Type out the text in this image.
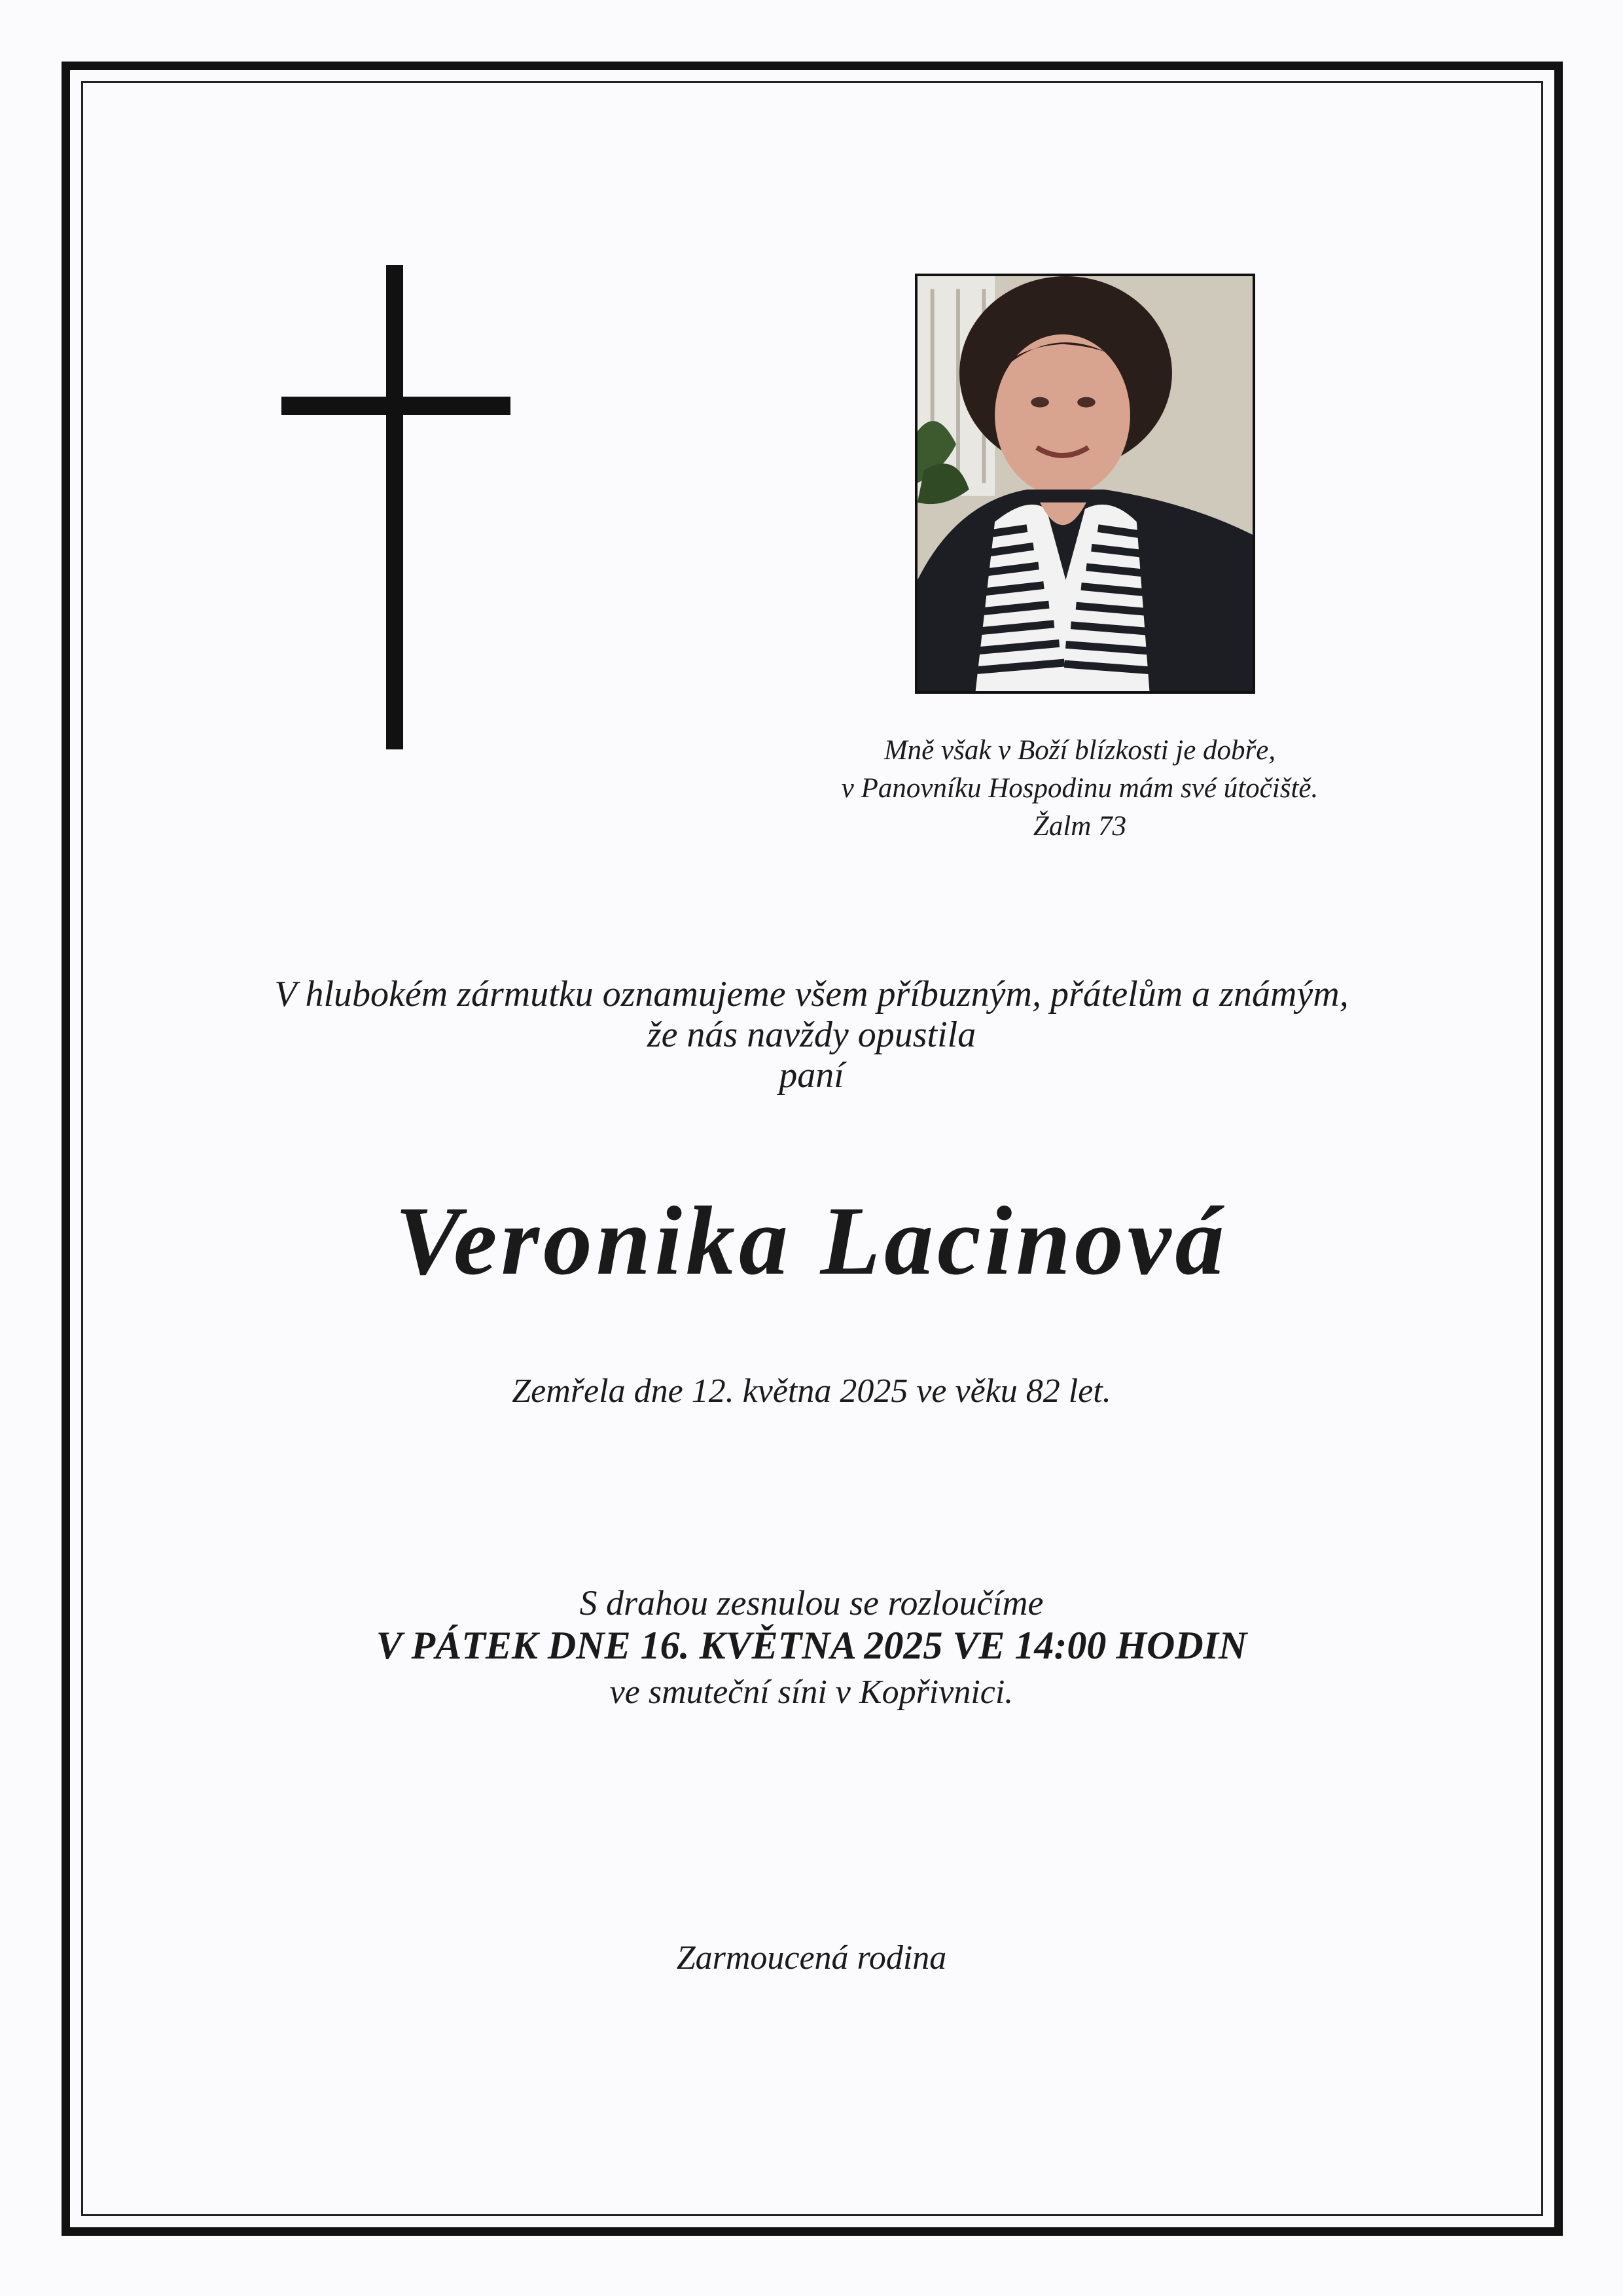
Mně však v Boží blízkosti je dobře,
v Panovníku Hospodinu mám své útočiště.
Žalm 73
V hlubokém zármutku oznamujeme všem příbuzným, přátelům a známým,
že nás navždy opustila
paní
Veronika Lacinová
Zemřela dne 12. května 2025 ve věku 82 let.
S drahou zesnulou se rozloučíme
V PÁTEK DNE 16. KVĚTNA 2025 VE 14:00 HODIN
ve smuteční síni v Kopřivnici.
Zarmoucená rodina
